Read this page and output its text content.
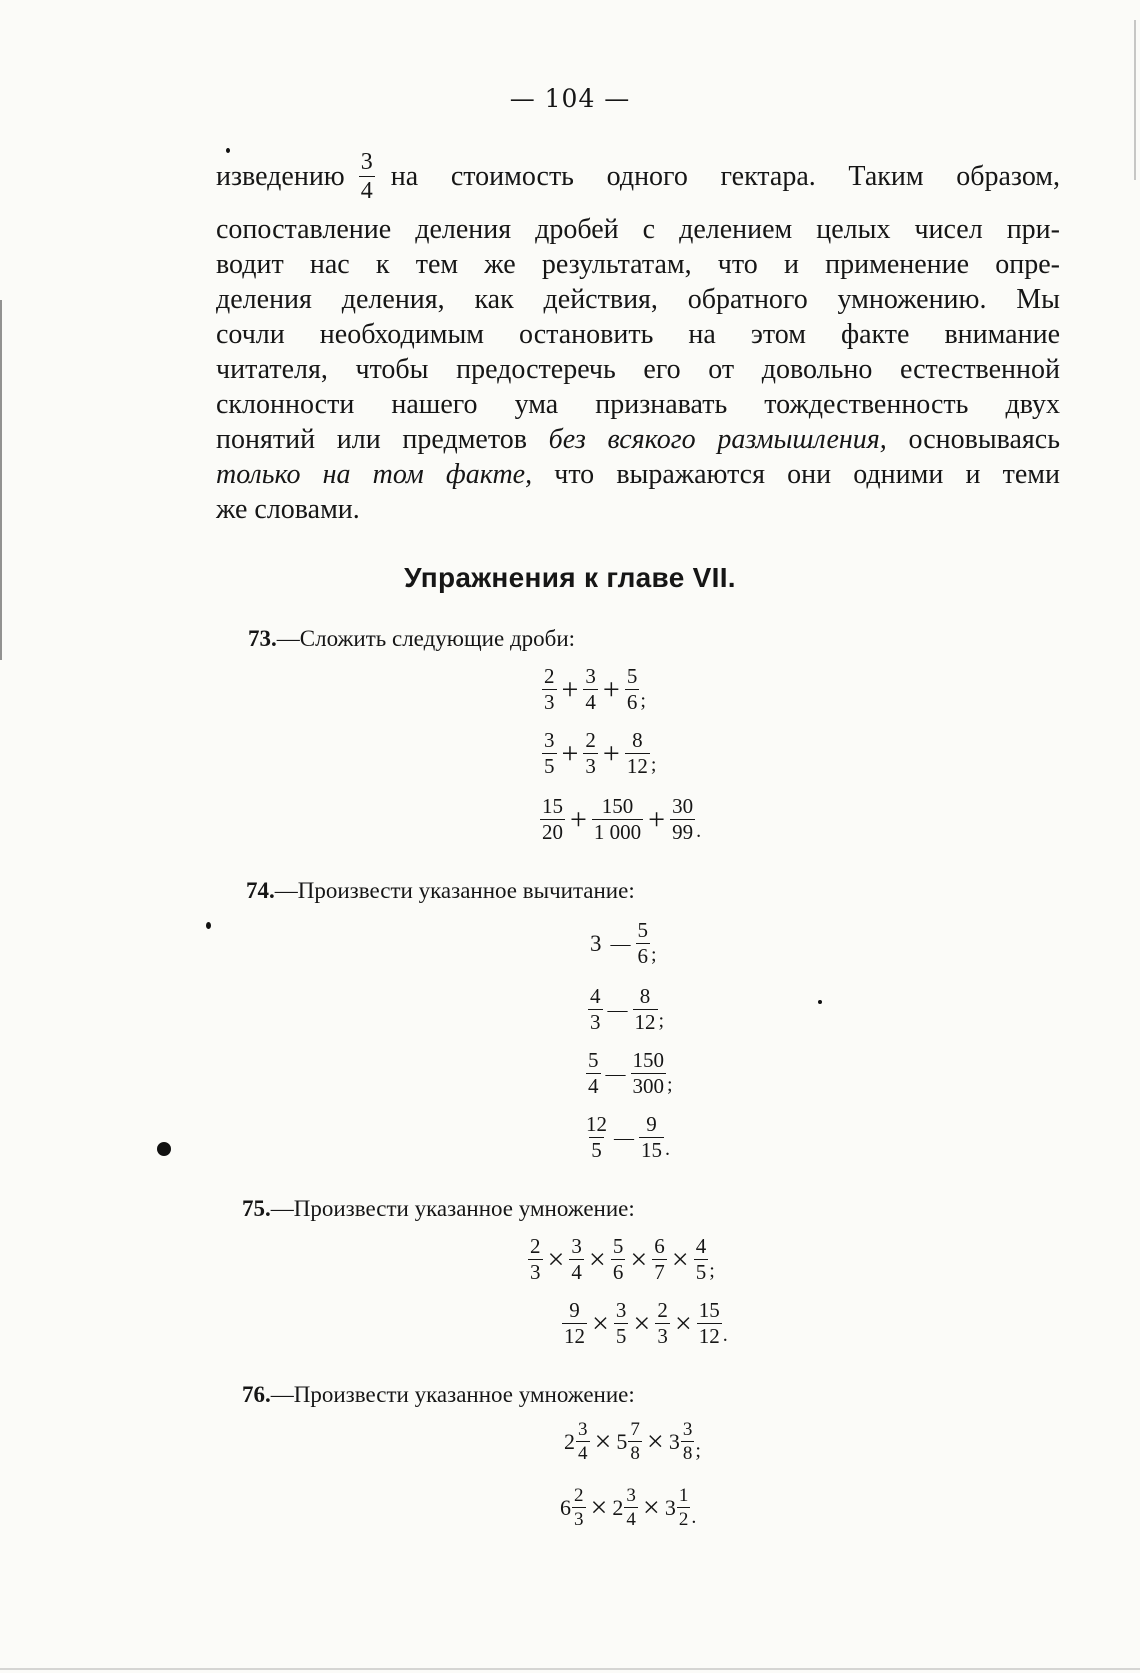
— 104 —
изведению $\frac{3}{4}$ на стоимость одного гектара. Таким образом,
сопоставление деления дробей с делением целых чисел при-
водит нас к тем же результатам, что и применение опре-
деления деления, как действия, обратного умножению. Мы
сочли необходимым остановить на этом факте внимание
читателя, чтобы предостеречь его от довольно естественной
склонности нашего ума признавать тождественность двух
понятий или предметов без всякого размышления, основываясь
только на том факте, что выражаются они одними и теми
же словами.
Упражнения к главе VII.
73.—Сложить следующие дроби:
$\frac{2}{3} + \frac{3}{4} + \frac{5}{6}$ ;
$\frac{3}{5} + \frac{2}{3} + \frac{8}{12}$ ;
$\frac{15}{20} + \frac{150}{1 000} + \frac{30}{99}$ .
74.—Произвести указанное вычитание:
3 — $\frac{5}{6}$ ;
$\frac{4}{3}$ — $\frac{8}{12}$ ;
$\frac{5}{4}$ — $\frac{150}{300}$ ;
$\frac{12}{5}$ — $\frac{9}{15}$ .
75.—Произвести указанное умножение:
$\frac{2}{3} \times \frac{3}{4} \times \frac{5}{6} \times \frac{6}{7} \times \frac{4}{5}$ ;
$\frac{9}{12} \times \frac{3}{5} \times \frac{2}{3} \times \frac{15}{12}$ .
76.—Произвести указанное умножение:
$2 \frac{3}{4} \times 5 \frac{7}{8} \times 3 \frac{3}{8}$ ;
$6 \frac{2}{3} \times 2 \frac{3}{4} \times 3 \frac{1}{2}$ .
